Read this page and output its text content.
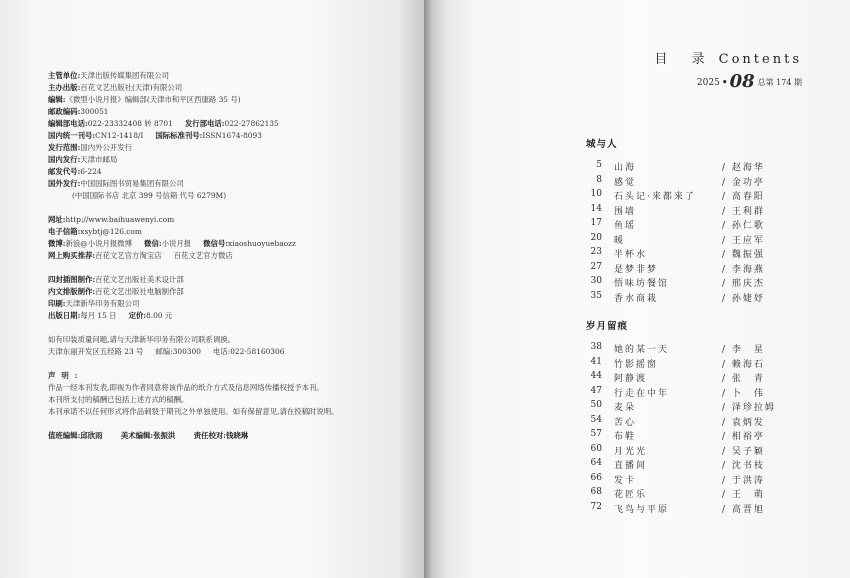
主管单位:天津出版传媒集团有限公司
主办出版:百花文艺出版社(天津)有限公司
编辑:《微型小说月报》编辑部(天津市和平区西康路 35 号)
邮政编码:300051
编辑部电话:022-23332408 转 8701 发行部电话:022-27862135
国内统一刊号:CN12-1418/I 国际标准刊号:ISSN1674-8093
发行范围:国内外公开发行
国内发行:天津市邮局
邮发代号:6-224
国外发行:中国国际图书贸易集团有限公司
(中国国际书店 北京 399 号信箱 代号 6279M)
网址:http://www.baihuawenyi.com
电子信箱:xsybtj@126.com
微博:新浪@小说月报微博 微信:小说月报 微信号:xiaoshuoyuebaozz
网上购买推荐:百花文艺官方淘宝店 百花文艺官方微店
四封插图制作:百花文艺出版社美术设计部
内文排版制作:百花文艺出版社电脑制作部
印刷:天津新华印务有限公司
出版日期:每月 15 日 定价:8.00 元

如有印装质量问题,请与天津新华印务有限公司联系调换。

天津东丽开发区五经路 23 号 邮编:300300 电话:022-58160306
声明:

作品一经本刊发表,即视为作者同意将该作品的纸介方式及信息网络传播权授予本刊。

本刊所支付的稿酬已包括上述方式的稿酬。

本刊承诺不以任何形式将作品刺裂于期刊之外单独使用。如有保留意见,请在投稿时说明。

值班编辑:邱欣雨 美术编辑:张振洪 责任校对:钱晓琳
目 录 Contents
2025 • 08 总第 174 期
城与人
5 山海	/ 赵海华
8 感觉	/ 金功亭
10 石头记·来都来了	/ 高春阳
14 围墙	/ 王利群
17 鱼瑶	/ 孙仁歌
20 暖	/ 王应军
23 半杯水	/ 魏振强
27 是梦非梦	/ 李海燕
30 悟味坊餐馆	/ 邢庆杰
35 香水商栽	/ 孙婕妤
岁月留痕
38 她的某一天	/ 李　星
41 竹影摇窗	/ 赖海石
44 阿静渡	/ 张　青
47 行走在中年	/ 卜　伟
50 麦朵	/ 泽珍拉姆
54 苦心	/ 袁炳发
57 布鞋	/ 相裕亭
60 月光光	/ 吴子颖
64 直播间	/ 沈书枝
66 发卡	/ 于洪涛
68 花匠乐	/ 王　萌
72 飞鸟与平原	/ 高晋旭
